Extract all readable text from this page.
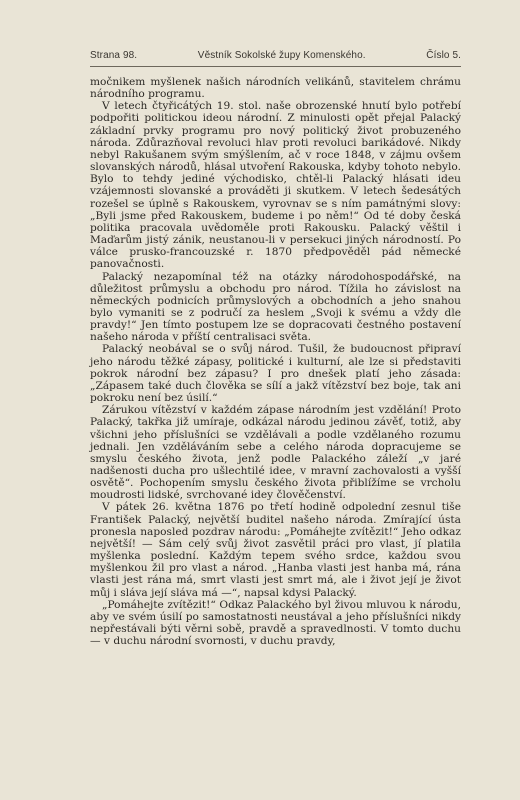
Strana 98.	Věstník Sokolské župy Komenského.	Číslo 5.

močnikem myšlenek našich národních velikánů, stavitelem chrámu národního programu.

V letech čtyřicátých 19. stol. naše obrozenské hnutí bylo potřebí podpořiti politickou ideou národní. Z minulosti opět přejal Palacký základní prvky programu pro nový politický život probuzeného národa. Zdůrazňoval revoluci hlav proti revoluci barikádové. Nikdy nebyl Rakušanem svým smýšlením, ač v roce 1848, v zájmu ovšem slovanských národů, hlásal utvoření Rakouska, kdyby tohoto nebylo. Bylo to tehdy jediné východisko, chtěl-li Palacký hlásati ideu vzájemnosti slovanské a prováděti ji skutkem. V letech šedesátých rozešel se úplně s Rakouskem, vyrovnav se s ním památnými slovy: „Byli jsme před Rakouskem, budeme i po něm!“ Od té doby česká politika pracovala uvědoměle proti Rakousku. Palacký věštil i Maďarům jistý zánik, neustanou-li v persekuci jiných národností. Po válce prusko-francouzské r. 1870 předpověděl pád německé panovačnosti.

Palacký nezapomínal též na otázky národohospodářské, na důležitost průmyslu a obchodu pro národ. Tížila ho závislost na německých podnicích průmyslových a obchodních a jeho snahou bylo vymaniti se z područí za heslem „Svoji k svému a vždy dle pravdy!“ Jen tímto postupem lze se dopracovati čestného postavení našeho národa v příští centralisaci světa.

Palacký neobával se o svůj národ. Tušil, že budoucnost připraví jeho národu těžké zápasy, politické i kulturní, ale lze si představiti pokrok národní bez zápasu? I pro dnešek platí jeho zásada: „Zápasem také duch člověka se sílí a jakž vítězství bez boje, tak ani pokroku není bez úsilí.“

Zárukou vítězství v každém zápase národním jest vzdělání! Proto Palacký, takřka již umíraje, odkázal národu jedinou závěť, totiž, aby všichni jeho příslušníci se vzdělávali a podle vzdělaného rozumu jednali. Jen vzděláváním sebe a celého národa dopracujeme se smyslu českého života, jenž podle Palackého záleží „v jaré nadšenosti ducha pro ušlechtilé idee, v mravní zachovalosti a vyšší osvětě“. Pochopením smyslu českého života přiblížíme se vrcholu moudrosti lidské, svrchované idey člověčenství.

V pátek 26. května 1876 po třetí hodině odpolední zesnul tiše František Palacký, největší buditel našeho národa. Zmírající ústa pronesla naposled pozdrav národu: „Pomáhejte zvítězit!“ Jeho odkaz největší! — Sám celý svůj život zasvětil práci pro vlast, jí platila myšlenka poslední. Každým tepem svého srdce, každou svou myšlenkou žil pro vlast a národ. „Hanba vlasti jest hanba má, rána vlasti jest rána má, smrt vlasti jest smrt má, ale i život její je život můj i sláva její sláva má —“, napsal kdysi Palacký.

„Pomáhejte zvítězit!“ Odkaz Palackého byl živou mluvou k národu, aby ve svém úsilí po samostatnosti neustával a jeho příslušníci nikdy nepřestávali býti věrni sobě, pravdě a spravedlnosti. V tomto duchu — v duchu národní svornosti, v duchu pravdy,
